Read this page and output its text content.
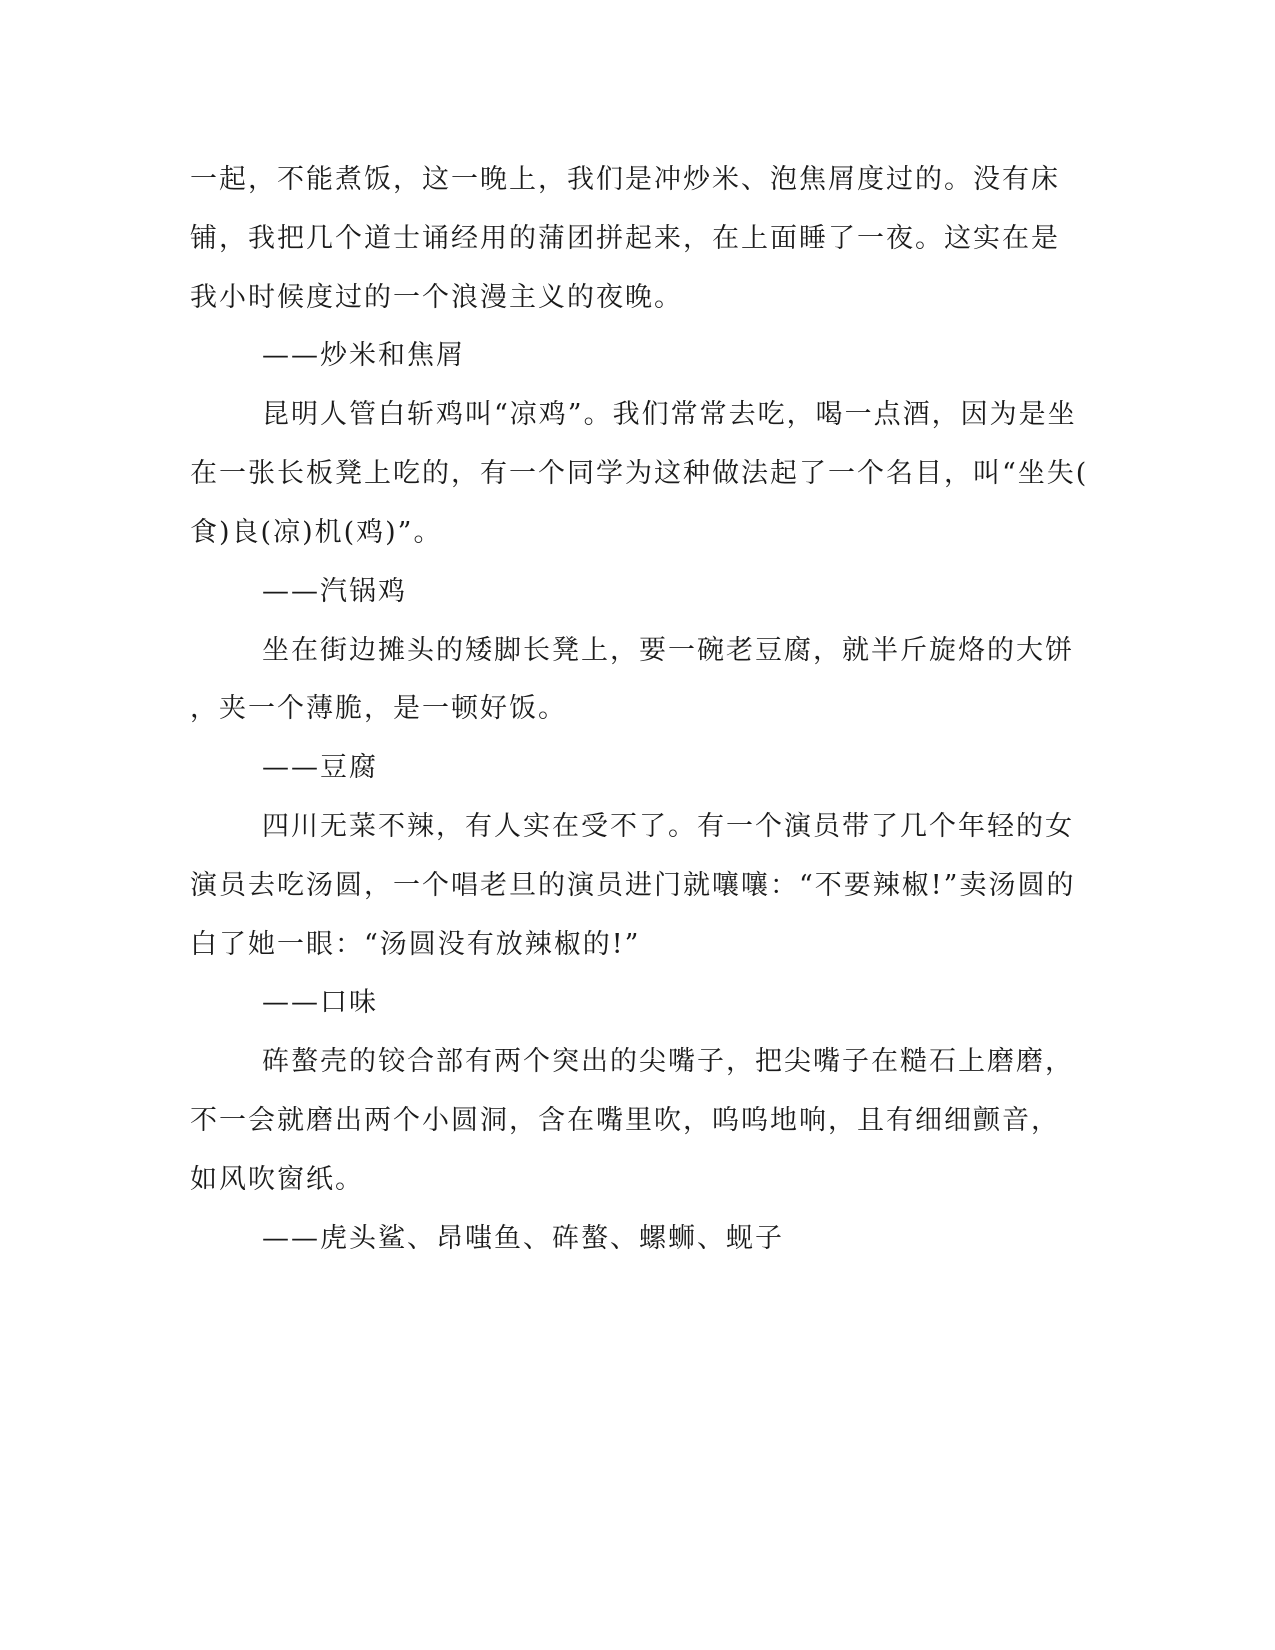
一起，不能煮饭，这一晚上，我们是冲炒米、泡焦屑度过的。没有床

铺，我把几个道士诵经用的蒲团拼起来，在上面睡了一夜。这实在是

我小时候度过的一个浪漫主义的夜晚。

——炒米和焦屑

昆明人管白斩鸡叫“凉鸡”。我们常常去吃，喝一点酒，因为是坐

在一张长板凳上吃的，有一个同学为这种做法起了一个名目，叫“坐失(

食)良(凉)机(鸡)”。

——汽锅鸡

坐在街边摊头的矮脚长凳上，要一碗老豆腐，就半斤旋烙的大饼

，夹一个薄脆，是一顿好饭。

——豆腐

四川无菜不辣，有人实在受不了。有一个演员带了几个年轻的女

演员去吃汤圆，一个唱老旦的演员进门就嚷嚷：“不要辣椒!”卖汤圆的

白了她一眼：“汤圆没有放辣椒的!”

——口味

砗螯壳的铰合部有两个突出的尖嘴子，把尖嘴子在糙石上磨磨，

不一会就磨出两个小圆洞，含在嘴里吹，呜呜地响，且有细细颤音，

如风吹窗纸。

——虎头鲨、昂嗤鱼、砗螯、螺蛳、蚬子
